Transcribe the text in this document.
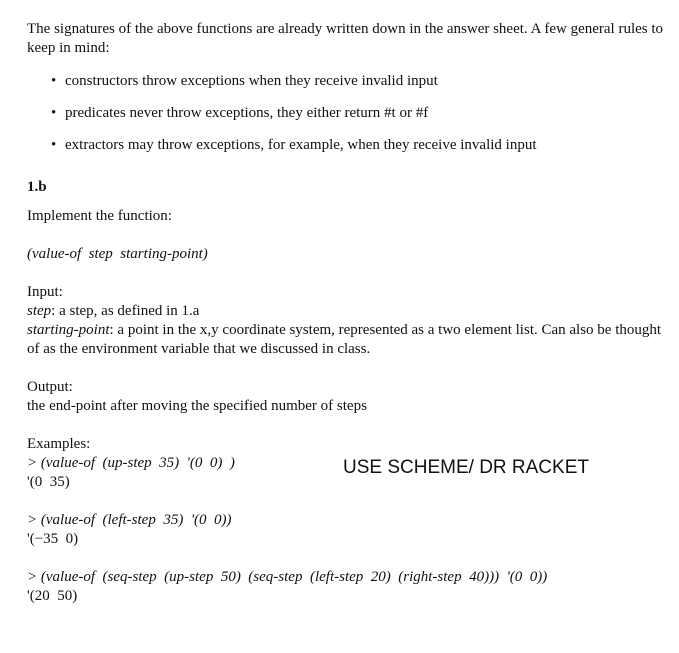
The signatures of the above functions are already written down in the answer sheet. A few general rules to keep in mind:

• constructors throw exceptions when they receive invalid input
• predicates never throw exceptions, they either return #t or #f
• extractors may throw exceptions, for example, when they receive invalid input

1.b

Implement the function:

(value-of  step  starting-point)

Input:

step: a step, as defined in 1.a

starting-point: a point in the x,y coordinate system, represented as a two element list. Can also be thought of as the environment variable that we discussed in class.

Output:

the end-point after moving the specified number of steps

Examples:

> (value-of  (up-step  35)  '(0  0)  )

'(0  35)

> (value-of  (left-step  35)  '(0  0))

'(−35  0)

> (value-of  (seq-step  (up-step  50)  (seq-step  (left-step  20)  (right-step  40)))  '(0  0))

'(20  50)

USE SCHEME/ DR RACKET
